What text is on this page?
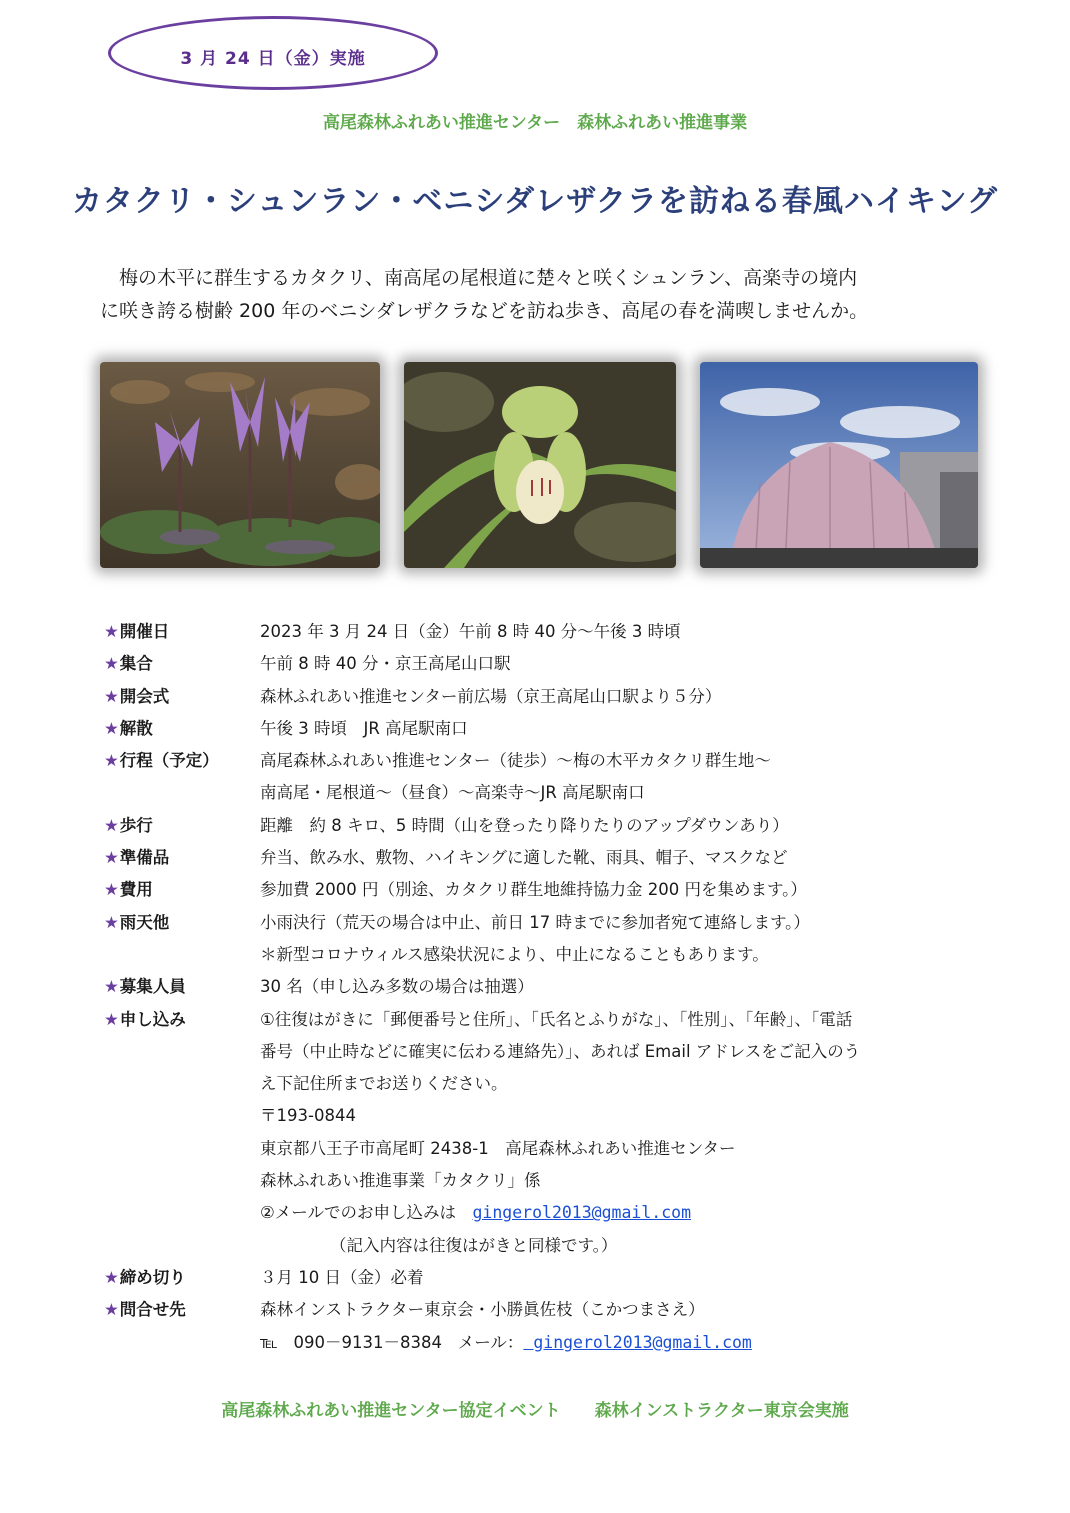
3 月 24 日（金）実施
高尾森林ふれあい推進センター　森林ふれあい推進事業
カタクリ・シュンラン・ベニシダレザクラを訪ねる春風ハイキング
　梅の木平に群生するカタクリ、南高尾の尾根道に楚々と咲くシュンラン、高楽寺の境内
に咲き誇る樹齢 200 年のベニシダレザクラなどを訪ね歩き、高尾の春を満喫しませんか。
★開催日	2023 年 3 月 24 日（金）午前 8 時 40 分～午後 3 時頃
★集合	午前 8 時 40 分・京王高尾山口駅
★開会式	森林ふれあい推進センター前広場（京王高尾山口駅より５分）
★解散	午後 3 時頃　JR 高尾駅南口
★行程（予定） 高尾森林ふれあい推進センター（徒歩）～梅の木平カタクリ群生地～
南高尾・尾根道～（昼食）～高楽寺～JR 高尾駅南口
★歩行	距離　約 8 キロ、5 時間（山を登ったり降りたりのアップダウンあり）
★準備品	弁当、飲み水、敷物、ハイキングに適した靴、雨具、帽子、マスクなど
★費用	参加費 2000 円（別途、カタクリ群生地維持協力金 200 円を集めます。）
★雨天他	小雨決行（荒天の場合は中止、前日 17 時までに参加者宛て連絡します。）
＊新型コロナウィルス感染状況により、中止になることもあります。
★募集人員	30 名（申し込み多数の場合は抽選）
★申し込み	①往復はがきに「郵便番号と住所」、「氏名とふりがな」、「性別」、「年齢」、「電話
番号（中止時などに確実に伝わる連絡先）」、あれば Email アドレスをご記入のう
え下記住所までお送りください。
〒193-0844
東京都八王子市高尾町 2438-1　高尾森林ふれあい推進センター
森林ふれあい推進事業「カタクリ」係
②メールでのお申し込みは　gingerol2013@gmail.com
（記入内容は往復はがきと同様です。）
★締め切り	３月 10 日（金）必着
★問合せ先	森林インストラクター東京会・小勝眞佐枝（こかつまさえ）
℡ 090－9131－8384 メール： gingerol2013@gmail.com
高尾森林ふれあい推進センター協定イベント　　森林インストラクター東京会実施
